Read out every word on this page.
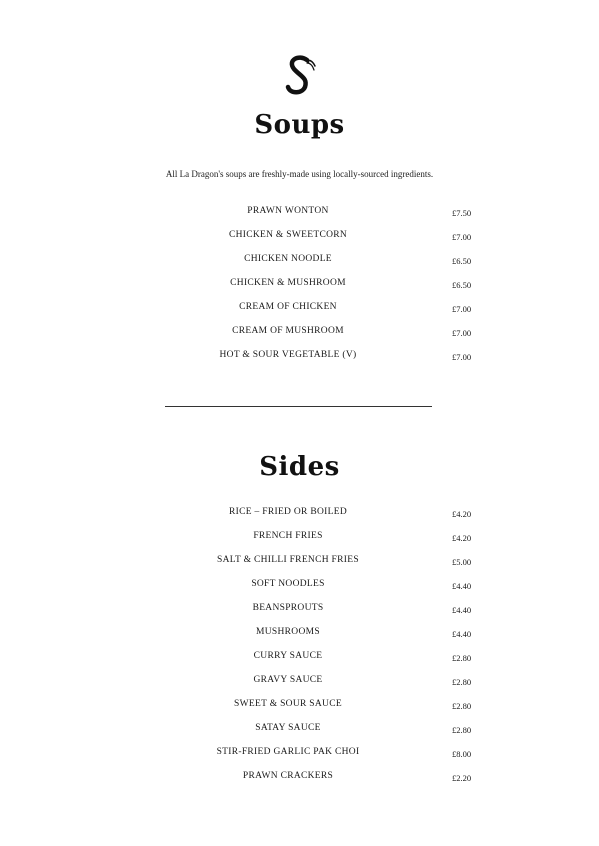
Soups

All La Dragon's soups are freshly-made using locally-sourced ingredients.

PRAWN WONTON	£7.50
CHICKEN & SWEETCORN	£7.00
CHICKEN NOODLE	£6.50
CHICKEN & MUSHROOM	£6.50
CREAM OF CHICKEN	£7.00
CREAM OF MUSHROOM	£7.00
HOT & SOUR VEGETABLE (V)	£7.00
Sides
RICE – FRIED OR BOILED	£4.20
FRENCH FRIES	£4.20
SALT & CHILLI FRENCH FRIES	£5.00
SOFT NOODLES	£4.40
BEANSPROUTS	£4.40
MUSHROOMS	£4.40
CURRY SAUCE	£2.80
GRAVY SAUCE	£2.80
SWEET & SOUR SAUCE	£2.80
SATAY SAUCE	£2.80
STIR-FRIED GARLIC PAK CHOI	£8.00
PRAWN CRACKERS	£2.20
